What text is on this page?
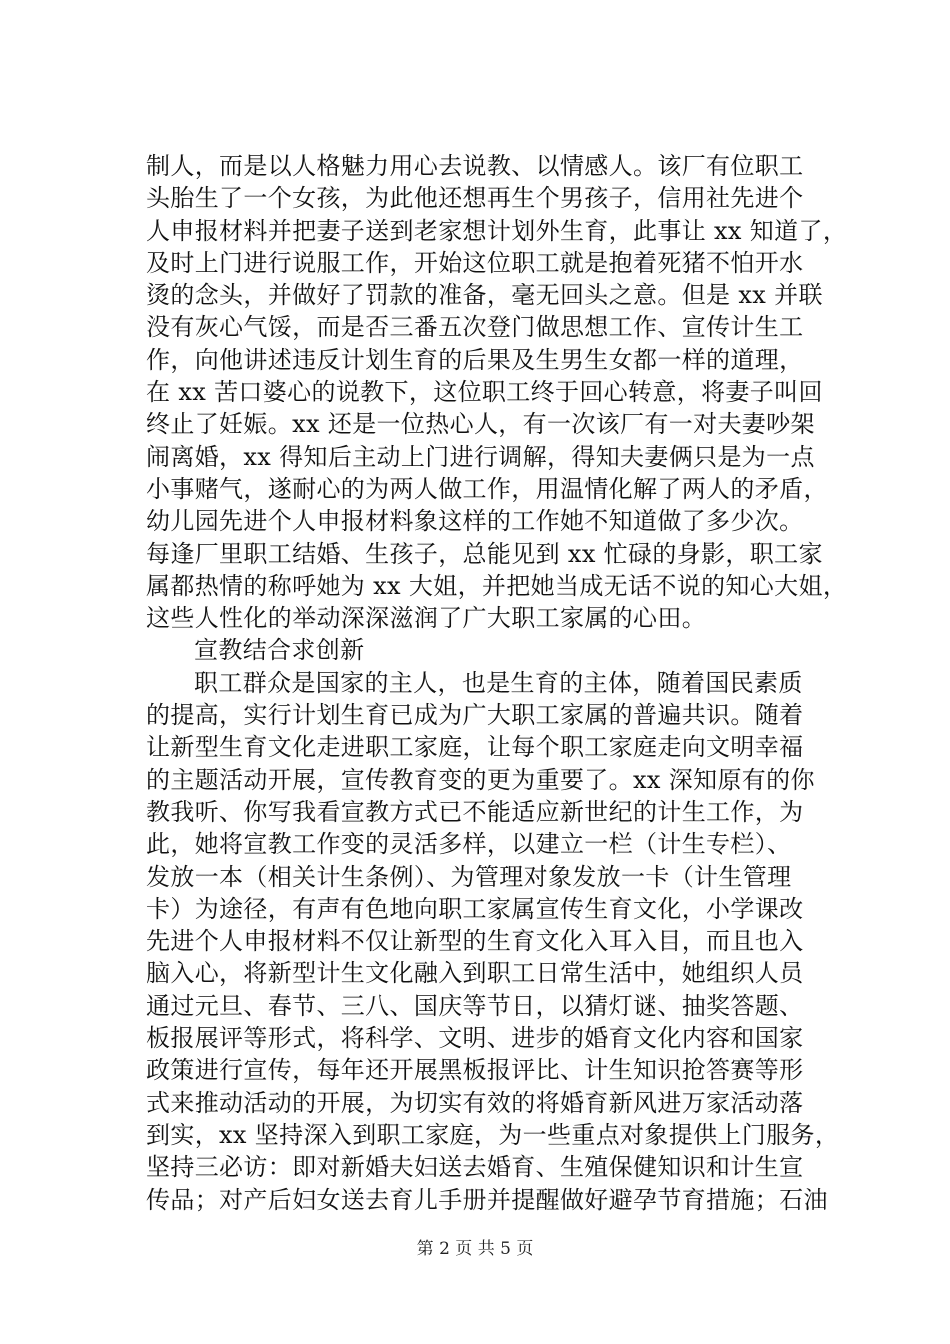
制人，而是以人格魅力用心去说教、以情感人。该厂有位职工
头胎生了一个女孩，为此他还想再生个男孩子，信用社先进个
人申报材料并把妻子送到老家想计划外生育，此事让 xx 知道了，
及时上门进行说服工作，开始这位职工就是抱着死猪不怕开水
烫的念头，并做好了罚款的准备，毫无回头之意。但是 xx 并联
没有灰心气馁，而是否三番五次登门做思想工作、宣传计生工
作，向他讲述违反计划生育的后果及生男生女都一样的道理，
在 xx 苦口婆心的说教下，这位职工终于回心转意，将妻子叫回
终止了妊娠。xx 还是一位热心人，有一次该厂有一对夫妻吵架
闹离婚，xx 得知后主动上门进行调解，得知夫妻俩只是为一点
小事赌气，遂耐心的为两人做工作，用温情化解了两人的矛盾，
幼儿园先进个人申报材料象这样的工作她不知道做了多少次。
每逢厂里职工结婚、生孩子，总能见到 xx 忙碌的身影，职工家
属都热情的称呼她为 xx 大姐，并把她当成无话不说的知心大姐，
这些人性化的举动深深滋润了广大职工家属的心田。
宣教结合求创新
职工群众是国家的主人，也是生育的主体，随着国民素质
的提高，实行计划生育已成为广大职工家属的普遍共识。随着
让新型生育文化走进职工家庭，让每个职工家庭走向文明幸福
的主题活动开展，宣传教育变的更为重要了。xx 深知原有的你
教我听、你写我看宣教方式已不能适应新世纪的计生工作，为
此，她将宣教工作变的灵活多样，以建立一栏（计生专栏）、
发放一本（相关计生条例）、为管理对象发放一卡（计生管理
卡）为途径，有声有色地向职工家属宣传生育文化，小学课改
先进个人申报材料不仅让新型的生育文化入耳入目，而且也入
脑入心，将新型计生文化融入到职工日常生活中，她组织人员
通过元旦、春节、三八、国庆等节日，以猜灯谜、抽奖答题、
板报展评等形式，将科学、文明、进步的婚育文化内容和国家
政策进行宣传，每年还开展黑板报评比、计生知识抢答赛等形
式来推动活动的开展，为切实有效的将婚育新风进万家活动落
到实，xx 坚持深入到职工家庭，为一些重点对象提供上门服务，
坚持三必访：即对新婚夫妇送去婚育、生殖保健知识和计生宣
传品；对产后妇女送去育儿手册并提醒做好避孕节育措施；石油
第 2 页 共 5 页
